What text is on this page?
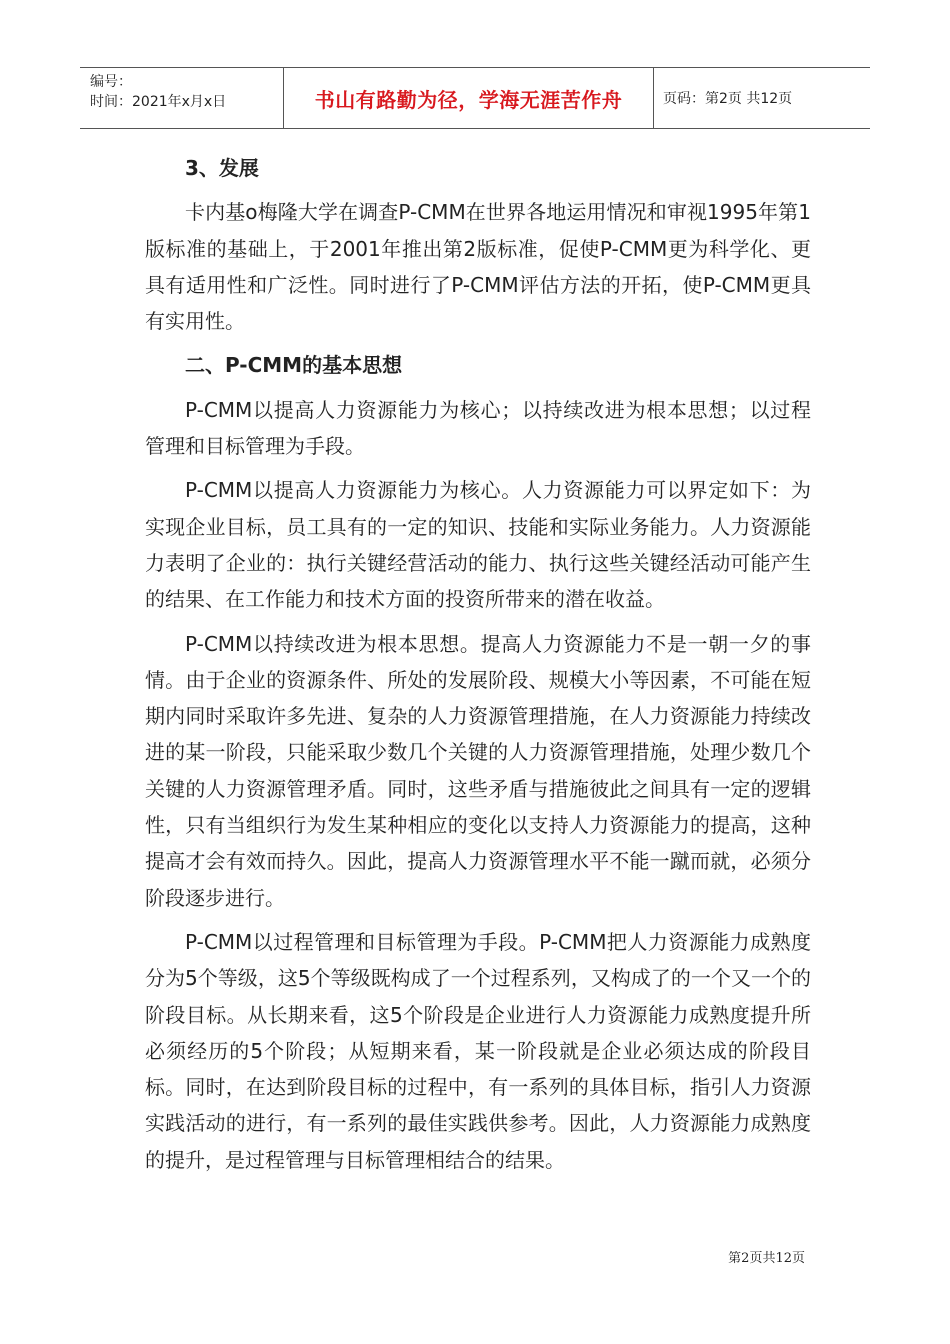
编号：
时间：2021年x月x日	书山有路勤为径，学海无涯苦作舟	页码：第2页 共12页
3、发展

卡内基o梅隆大学在调查P-CMM在世界各地运用情况和审视1995年第1版标准的基础上，于2001年推出第2版标准，促使P-CMM更为科学化、更具有适用性和广泛性。同时进行了P-CMM评估方法的开拓，使P-CMM更具有实用性。

二、P-CMM的基本思想

P-CMM以提高人力资源能力为核心；以持续改进为根本思想；以过程管理和目标管理为手段。

P-CMM以提高人力资源能力为核心。人力资源能力可以界定如下：为实现企业目标，员工具有的一定的知识、技能和实际业务能力。人力资源能力表明了企业的：执行关键经营活动的能力、执行这些关键经活动可能产生的结果、在工作能力和技术方面的投资所带来的潜在收益。

P-CMM以持续改进为根本思想。提高人力资源能力不是一朝一夕的事情。由于企业的资源条件、所处的发展阶段、规模大小等因素，不可能在短期内同时采取许多先进、复杂的人力资源管理措施，在人力资源能力持续改进的某一阶段，只能采取少数几个关键的人力资源管理措施，处理少数几个关键的人力资源管理矛盾。同时，这些矛盾与措施彼此之间具有一定的逻辑性，只有当组织行为发生某种相应的变化以支持人力资源能力的提高，这种提高才会有效而持久。因此，提高人力资源管理水平不能一蹴而就，必须分阶段逐步进行。

P-CMM以过程管理和目标管理为手段。P-CMM把人力资源能力成熟度分为5个等级，这5个等级既构成了一个过程系列，又构成了的一个又一个的阶段目标。从长期来看，这5个阶段是企业进行人力资源能力成熟度提升所必须经历的5个阶段；从短期来看，某一阶段就是企业必须达成的阶段目标。同时，在达到阶段目标的过程中，有一系列的具体目标，指引人力资源实践活动的进行，有一系列的最佳实践供参考。因此，人力资源能力成熟度的提升，是过程管理与目标管理相结合的结果。

第2页共12页
